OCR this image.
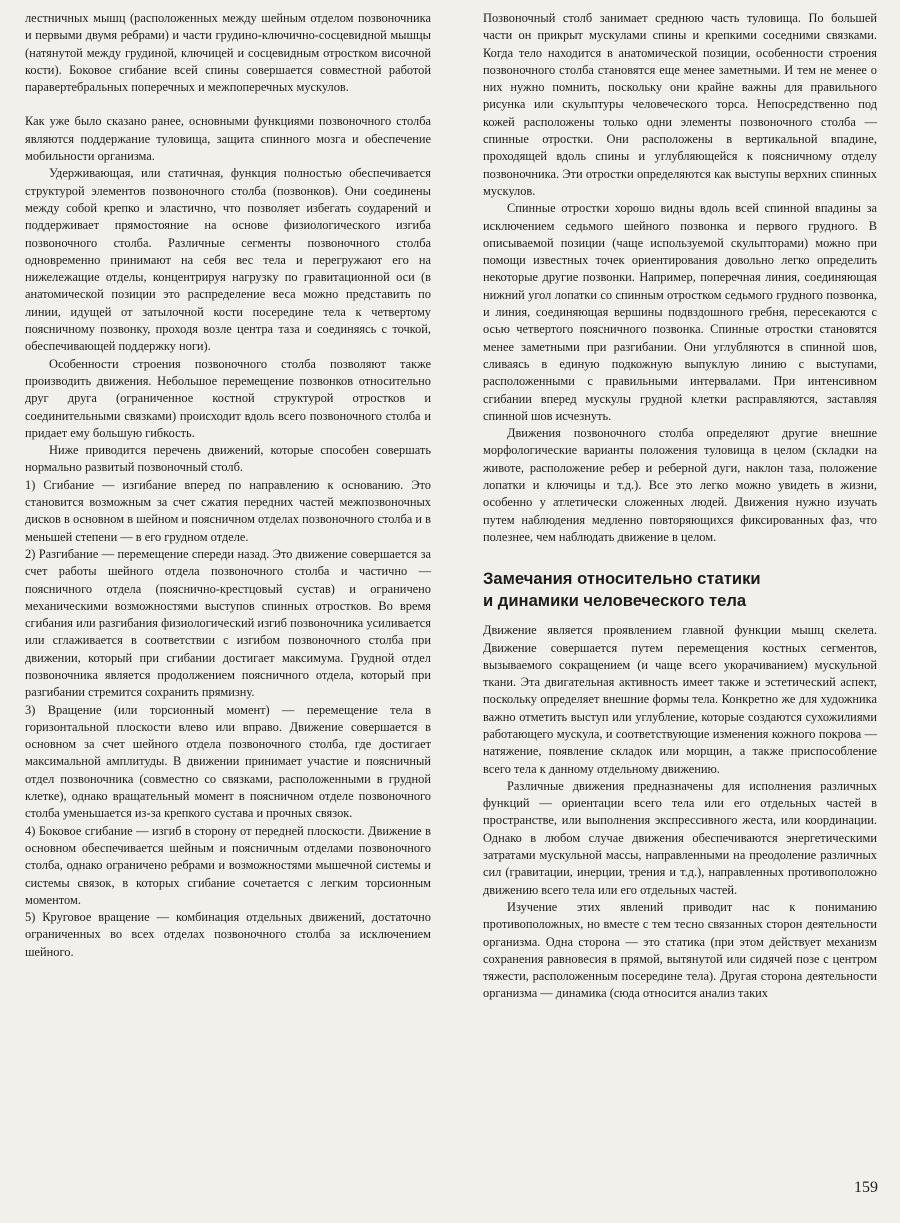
лестничных мышц (расположенных между шейным отделом позвоночника и первыми двумя ребрами) и части грудино-ключично-сосцевидной мышцы (натянутой между грудиной, ключицей и сосцевидным отростком височной кости). Боковое сгибание всей спины совершается совместной работой паравертебральных поперечных и межпоперечных мускулов.

Как уже было сказано ранее, основными функциями позвоночного столба являются поддержание туловища, защита спинного мозга и обеспечение мобильности организма.

Удерживающая, или статичная, функция полностью обеспечивается структурой элементов позвоночного столба (позвонков). Они соединены между собой крепко и эластично, что позволяет избегать соударений и поддерживает прямостояние на основе физиологического изгиба позвоночного столба. Различные сегменты позвоночного столба одновременно принимают на себя вес тела и перегружают его на нижележащие отделы, концентрируя нагрузку по гравитационной оси (в анатомической позиции это распределение веса можно представить по линии, идущей от затылочной кости посередине тела к четвертому поясничному позвонку, проходя возле центра таза и соединяясь с точкой, обеспечивающей поддержку ноги).

Особенности строения позвоночного столба позволяют также производить движения. Небольшое перемещение позвонков относительно друг друга (ограниченное костной структурой отростков и соединительными связками) происходит вдоль всего позвоночного столба и придает ему большую гибкость.

Ниже приводится перечень движений, которые способен совершать нормально развитый позвоночный столб.

1) Сгибание — изгибание вперед по направлению к основанию. Это становится возможным за счет сжатия передних частей межпозвоночных дисков в основном в шейном и поясничном отделах позвоночного столба и в меньшей степени — в его грудном отделе.

2) Разгибание — перемещение спереди назад. Это движение совершается за счет работы шейного отдела позвоночного столба и частично — поясничного отдела (пояснично-крестцовый сустав) и ограничено механическими возможностями выступов спинных отростков. Во время сгибания или разгибания физиологический изгиб позвоночника усиливается или сглаживается в соответствии с изгибом позвоночного столба при движении, который при сгибании достигает максимума. Грудной отдел позвоночника является продолжением поясничного отдела, который при разгибании стремится сохранить прямизну.

3) Вращение (или торсионный момент) — перемещение тела в горизонтальной плоскости влево или вправо. Движение совершается в основном за счет шейного отдела позвоночного столба, где достигает максимальной амплитуды. В движении принимает участие и поясничный отдел позвоночника (совместно со связками, расположенными в грудной клетке), однако вращательный момент в поясничном отделе позвоночного столба уменьшается из-за крепкого сустава и прочных связок.

4) Боковое сгибание — изгиб в сторону от передней плоскости. Движение в основном обеспечивается шейным и поясничным отделами позвоночного столба, однако ограничено ребрами и возможностями мышечной системы и системы связок, в которых сгибание сочетается с легким торсионным моментом.

5) Круговое вращение — комбинация отдельных движений, достаточно ограниченных во всех отделах позвоночного столба за исключением шейного.

Позвоночный столб занимает среднюю часть туловища. По большей части он прикрыт мускулами спины и крепкими соседними связками. Когда тело находится в анатомической позиции, особенности строения позвоночного столба становятся еще менее заметными. И тем не менее о них нужно помнить, поскольку они крайне важны для правильного рисунка или скульптуры человеческого торса. Непосредственно под кожей расположены только одни элементы позвоночного столба — спинные отростки. Они расположены в вертикальной впадине, проходящей вдоль спины и углубляющейся к поясничному отделу позвоночника. Эти отростки определяются как выступы верхних спинных мускулов.

Спинные отростки хорошо видны вдоль всей спинной впадины за исключением седьмого шейного позвонка и первого грудного. В описываемой позиции (чаще используемой скульпторами) можно при помощи известных точек ориентирования довольно легко определить некоторые другие позвонки. Например, поперечная линия, соединяющая нижний угол лопатки со спинным отростком седьмого грудного позвонка, и линия, соединяющая вершины подвздошного гребня, пересекаются с осью четвертого поясничного позвонка. Спинные отростки становятся менее заметными при разгибании. Они углубляются в спинной шов, сливаясь в единую подкожную выпуклую линию с выступами, расположенными с правильными интервалами. При интенсивном сгибании вперед мускулы грудной клетки расправляются, заставляя спинной шов исчезнуть.

Движения позвоночного столба определяют другие внешние морфологические варианты положения туловища в целом (складки на животе, расположение ребер и реберной дуги, наклон таза, положение лопатки и ключицы и т.д.). Все это легко можно увидеть в жизни, особенно у атлетически сложенных людей. Движения нужно изучать путем наблюдения медленно повторяющихся фиксированных фаз, что полезнее, чем наблюдать движение в целом.

Замечания относительно статики
и динамики человеческого тела

Движение является проявлением главной функции мышц скелета. Движение совершается путем перемещения костных сегментов, вызываемого сокращением (и чаще всего укорачиванием) мускульной ткани. Эта двигательная активность имеет также и эстетический аспект, поскольку определяет внешние формы тела. Конкретно же для художника важно отметить выступ или углубление, которые создаются сухожилиями работающего мускула, и соответствующие изменения кожного покрова — натяжение, появление складок или морщин, а также приспособление всего тела к данному отдельному движению.

Различные движения предназначены для исполнения различных функций — ориентации всего тела или его отдельных частей в пространстве, или выполнения экспрессивного жеста, или координации. Однако в любом случае движения обеспечиваются энергетическими затратами мускульной массы, направленными на преодоление различных сил (гравитации, инерции, трения и т.д.), направленных противоположно движению всего тела или его отдельных частей.

Изучение этих явлений приводит нас к пониманию противоположных, но вместе с тем тесно связанных сторон деятельности организма. Одна сторона — это статика (при этом действует механизм сохранения равновесия в прямой, вытянутой или сидячей позе с центром тяжести, расположенным посередине тела). Другая сторона деятельности организма — динамика (сюда относится анализ таких

159
